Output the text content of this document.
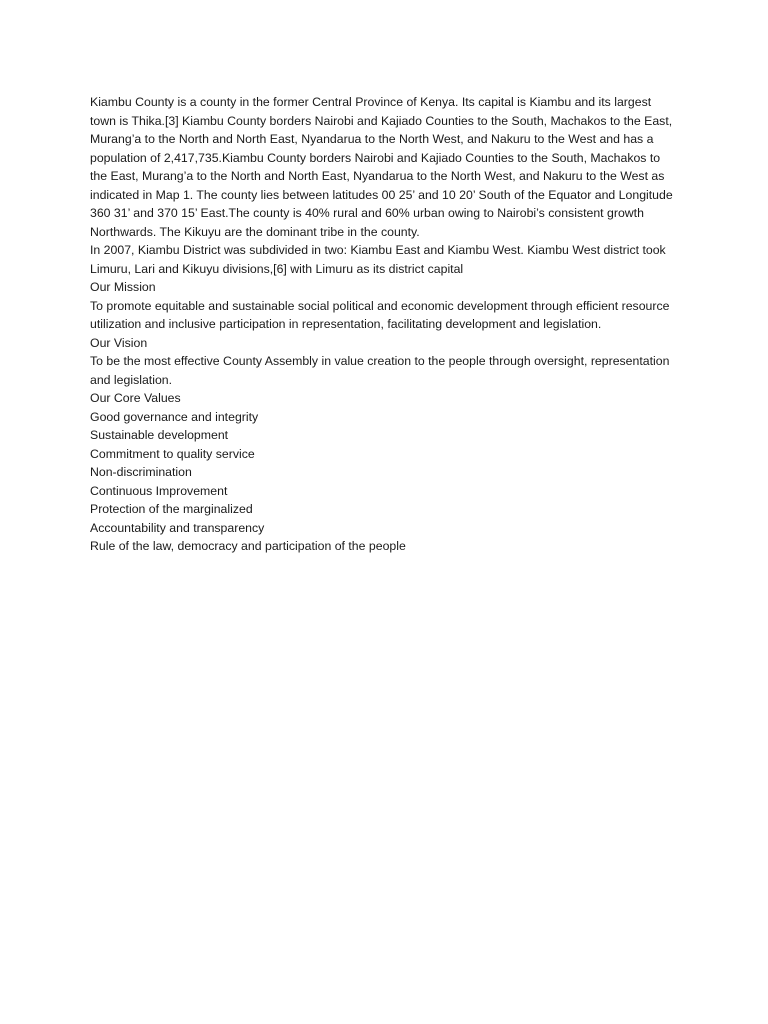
Kiambu County is a county in the former Central Province of Kenya. Its capital is Kiambu and its largest town is Thika.[3] Kiambu County borders Nairobi and Kajiado Counties to the South, Machakos to the East, Murang’a to the North and North East, Nyandarua to the North West, and Nakuru to the West and has a population of 2,417,735.Kiambu County borders Nairobi and Kajiado Counties to the South, Machakos to the East, Murang’a to the North and North East, Nyandarua to the North West, and Nakuru to the West as indicated in Map 1. The county lies between latitudes 00 25’ and 10 20’ South of the Equator and Longitude 360 31’ and 370 15’ East.The county is 40% rural and 60% urban owing to Nairobi’s consistent growth Northwards. The Kikuyu are the dominant tribe in the county.

In 2007, Kiambu District was subdivided in two: Kiambu East and Kiambu West. Kiambu West district took Limuru, Lari and Kikuyu divisions,[6] with Limuru as its district capital

Our Mission

To promote equitable and sustainable social political and economic development through efficient resource utilization and inclusive participation in representation, facilitating development and legislation.

Our Vision

To be the most effective County Assembly in value creation to the people through oversight, representation and legislation.

Our Core Values

Good governance and integrity

Sustainable development

Commitment to quality service

Non-discrimination

Continuous Improvement

Protection of the marginalized

Accountability and transparency

Rule of the law, democracy and participation of the people
